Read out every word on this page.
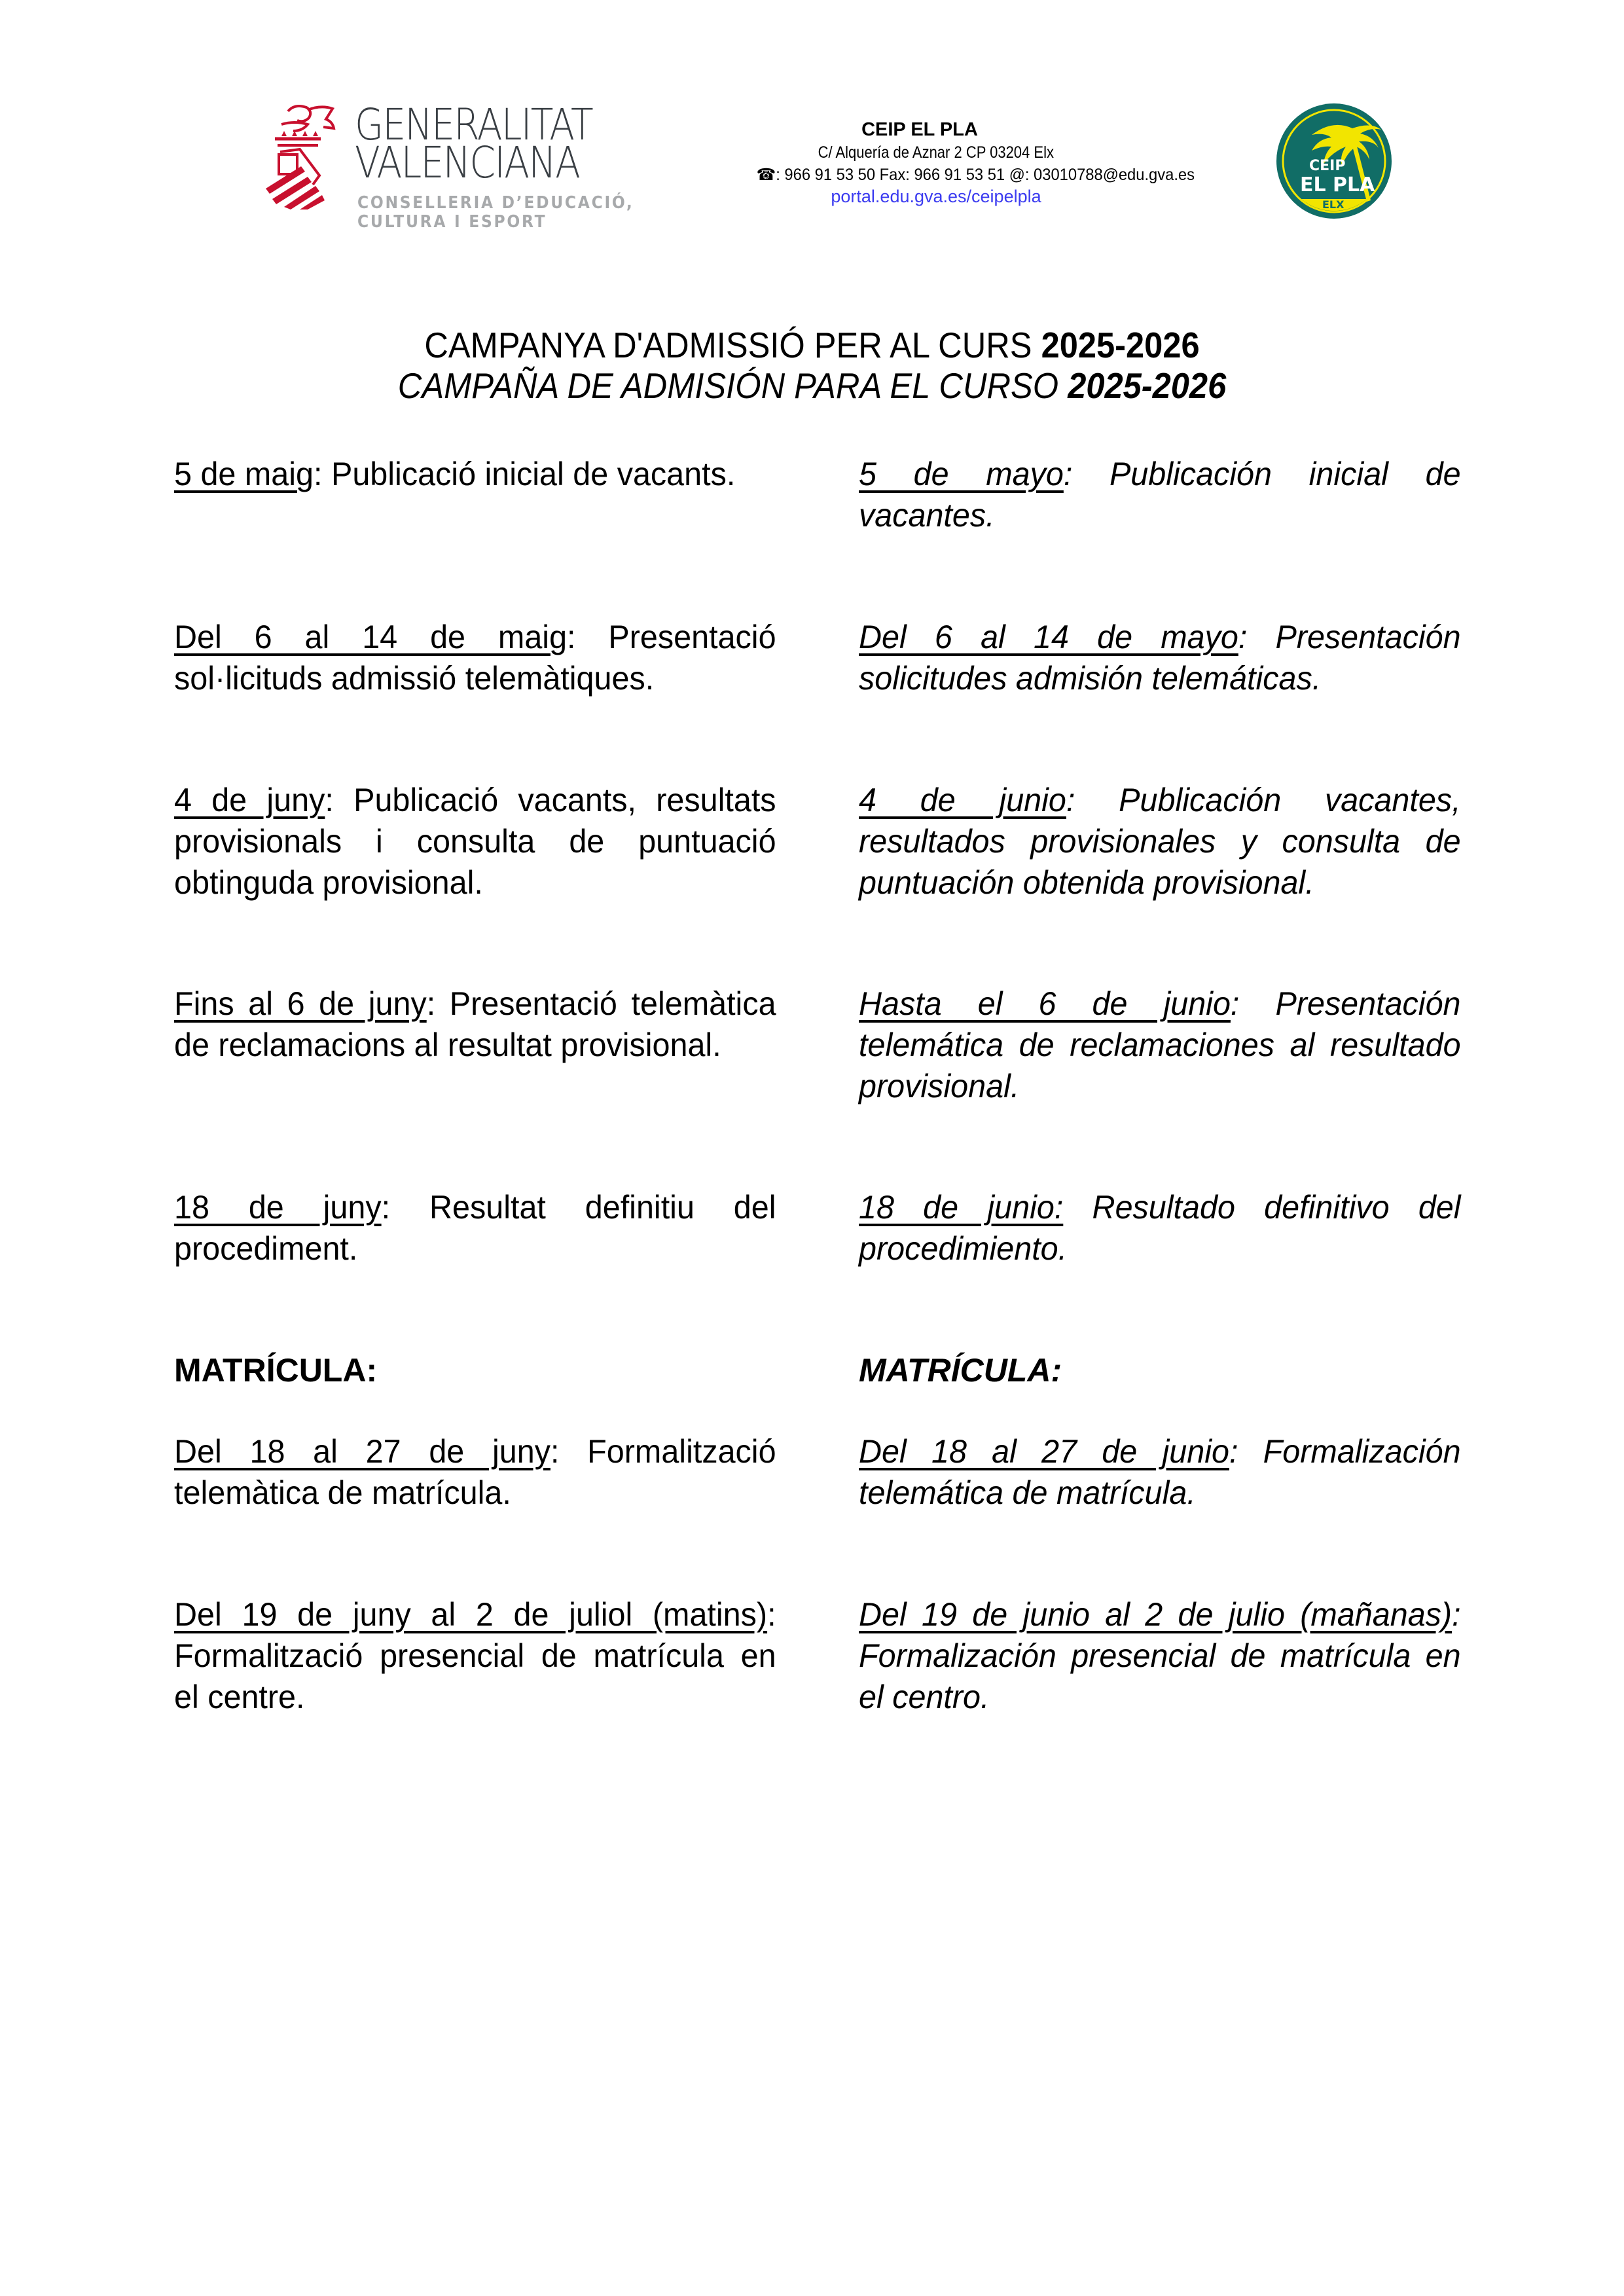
GENERALITAT
VALENCIANA
CONSELLERIA D’EDUCACIÓ,
CULTURA I ESPORT
CEIP EL PLA
C/ Alquería de Aznar 2 CP 03204 Elx
☎: 966 91 53 50 Fax: 966 91 53 51 @: 03010788@edu.gva.es
portal.edu.gva.es/ceipelpla
CEIP
EL PLA
ELX
CAMPANYA D'ADMISSIÓ PER AL CURS 2025-2026
CAMPAÑA DE ADMISIÓN PARA EL CURSO 2025-2026
5 de maig: Publicació inicial de vacants.
Del 6 al 14 de maig: Presentació sol·licituds admissió telemàtiques.
4 de juny: Publicació vacants, resultats provisionals i consulta de puntuació obtinguda provisional.
Fins al 6 de juny: Presentació telemàtica de reclamacions al resultat provisional.
18 de juny: Resultat definitiu del procediment.
MATRÍCULA:
Del 18 al 27 de juny: Formalització telemàtica de matrícula.
Del 19 de juny al 2 de juliol (matins): Formalització presencial de matrícula en el centre.
5 de mayo: Publicación inicial de vacantes.
Del 6 al 14 de mayo: Presentación solicitudes admisión telemáticas.
4 de junio: Publicación vacantes, resultados provisionales y consulta de puntuación obtenida provisional.
Hasta el 6 de junio: Presentación telemática de reclamaciones al resultado provisional.
18 de junio: Resultado definitivo del procedimiento.
MATRÍCULA:
Del 18 al 27 de junio: Formalización telemática de matrícula.
Del 19 de junio al 2 de julio (mañanas): Formalización presencial de matrícula en el centro.
